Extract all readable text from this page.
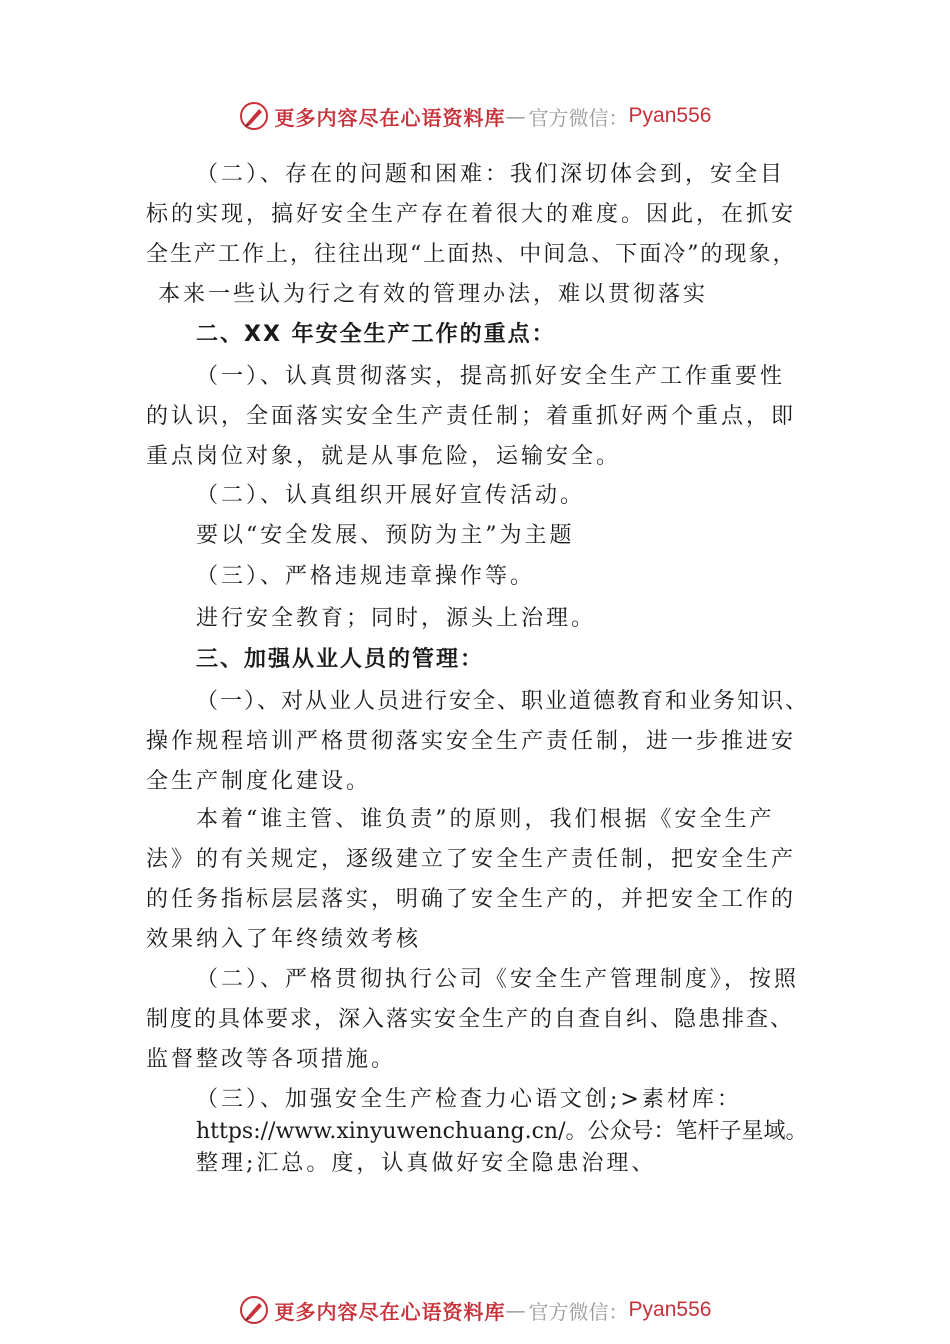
更多内容尽在心语资料库 — 官方微信： Pyan556
（二）、存在的问题和困难：我们深切体会到，安全目
标的实现，搞好安全生产存在着很大的难度。因此，在抓安
全生产工作上，往往出现“上面热、中间急、下面冷”的现象，
本来一些认为行之有效的管理办法，难以贯彻落实
二、XX 年安全生产工作的重点：
（一）、认真贯彻落实，提高抓好安全生产工作重要性
的认识，全面落实安全生产责任制；着重抓好两个重点，即
重点岗位对象，就是从事危险，运输安全。
（二）、认真组织开展好宣传活动。
要以“安全发展、预防为主”为主题
（三）、严格违规违章操作等。
进行安全教育；同时，源头上治理。
三、加强从业人员的管理：
（一）、对从业人员进行安全、职业道德教育和业务知识、
操作规程培训严格贯彻落实安全生产责任制，进一步推进安
全生产制度化建设。
本着“谁主管、谁负责”的原则，我们根据《安全生产
法》的有关规定，逐级建立了安全生产责任制，把安全生产
的任务指标层层落实，明确了安全生产的，并把安全工作的
效果纳入了年终绩效考核
（二）、严格贯彻执行公司《安全生产管理制度》，按照
制度的具体要求，深入落实安全生产的自查自纠、隐患排查、
监督整改等各项措施。
（三）、加强安全生产检查力心语文创;>素材库：
https://www.xinyuwenchuang.cn/。公众号：笔杆子星域。
整理;汇总。度，认真做好安全隐患治理、
更多内容尽在心语资料库 — 官方微信： Pyan556
